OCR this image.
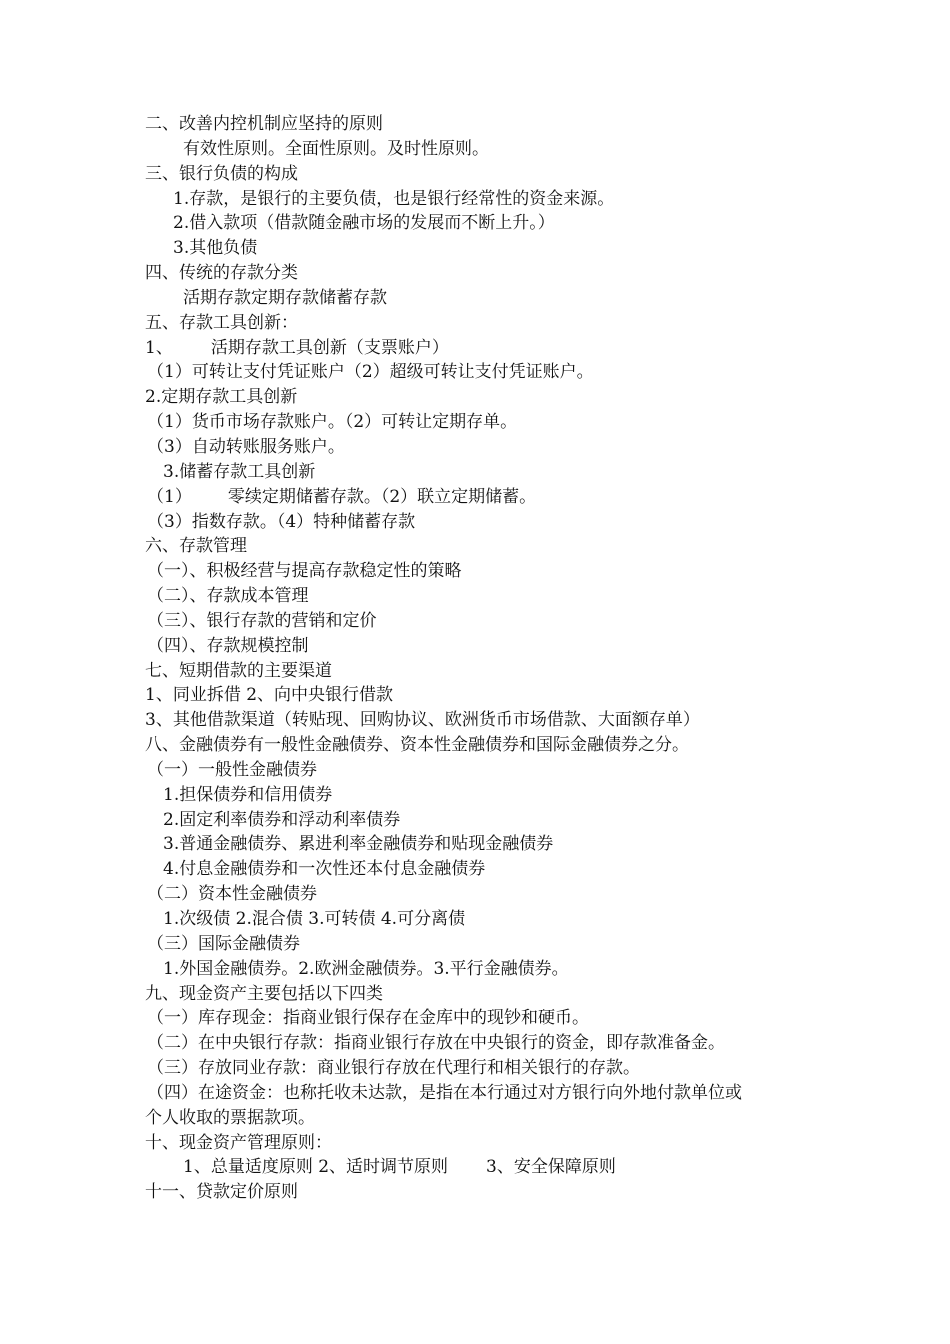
二、改善内控机制应坚持的原则
有效性原则。全面性原则。及时性原则。
三、银行负债的构成
1.存款，是银行的主要负债，也是银行经常性的资金来源。
2.借入款项（借款随金融市场的发展而不断上升。）
3.其他负债
四、传统的存款分类
活期存款定期存款储蓄存款
五、存款工具创新：
1、 活期存款工具创新（支票账户）
（1）可转让支付凭证账户（2）超级可转让支付凭证账户。
2.定期存款工具创新
（1）货币市场存款账户。（2）可转让定期存单。
（3）自动转账服务账户。
3.储蓄存款工具创新
（1） 零续定期储蓄存款。（2）联立定期储蓄。
（3）指数存款。（4）特种储蓄存款
六、存款管理
（一）、积极经营与提高存款稳定性的策略
（二）、存款成本管理
（三）、银行存款的营销和定价
（四）、存款规模控制
七、短期借款的主要渠道
1、同业拆借 2、向中央银行借款
3、其他借款渠道（转贴现、回购协议、欧洲货币市场借款、大面额存单）
八、金融债券有一般性金融债券、资本性金融债券和国际金融债券之分。
（一）一般性金融债券
1.担保债券和信用债券
2.固定利率债券和浮动利率债券
3.普通金融债券、累进利率金融债券和贴现金融债券
4.付息金融债券和一次性还本付息金融债券
（二）资本性金融债券
1.次级债 2.混合债 3.可转债 4.可分离债
（三）国际金融债券
1.外国金融债券。2.欧洲金融债券。3.平行金融债券。
九、现金资产主要包括以下四类
（一）库存现金：指商业银行保存在金库中的现钞和硬币。
（二）在中央银行存款：指商业银行存放在中央银行的资金，即存款准备金。
（三）存放同业存款：商业银行存放在代理行和相关银行的存款。
（四）在途资金：也称托收未达款，是指在本行通过对方银行向外地付款单位或
个人收取的票据款项。
十、现金资产管理原则：
1、总量适度原则 2、适时调节原则 3、安全保障原则
十一、贷款定价原则
